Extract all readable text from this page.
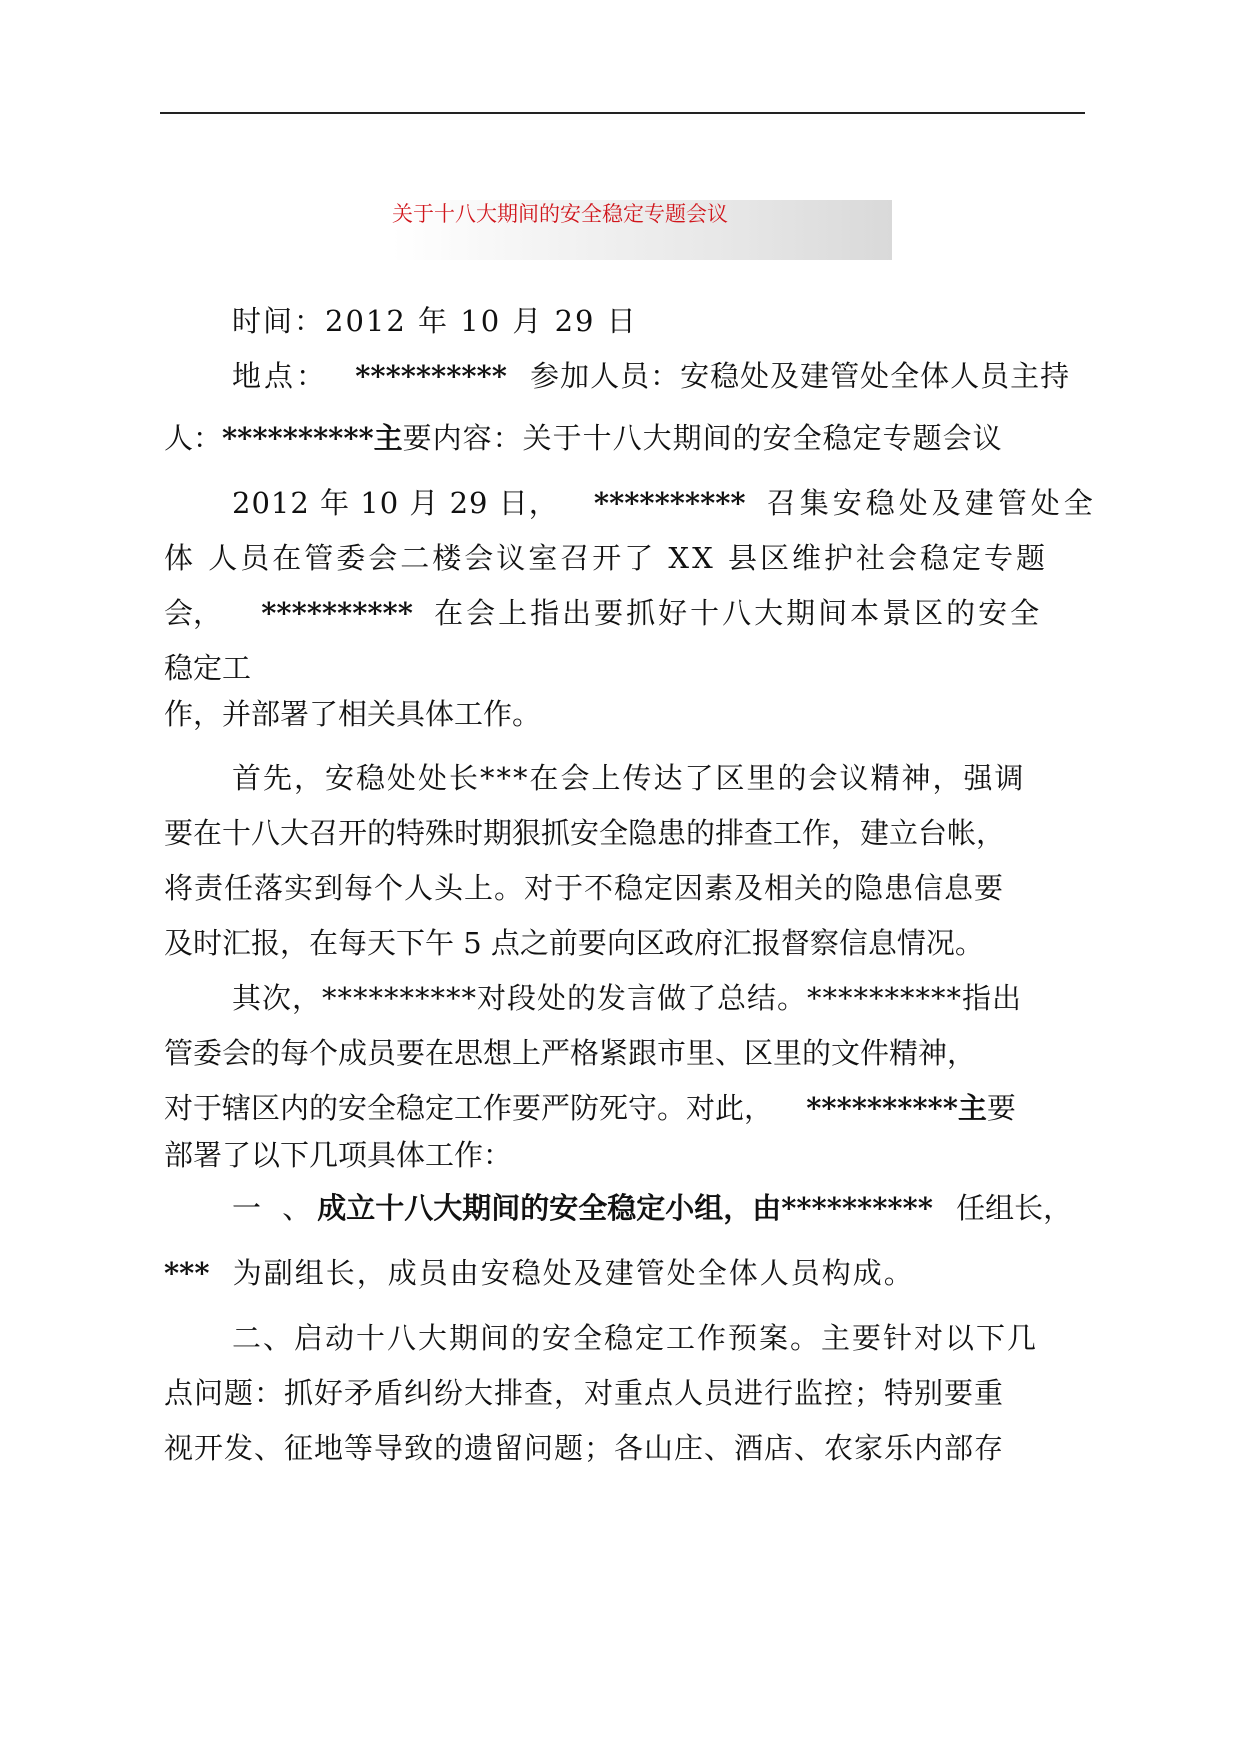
关于十八大期间的安全稳定专题会议
时间：2012 年 10 月 29 日
地点： ********** 参加人员：安稳处及建管处全体人员主持
人：**********主要内容：关于十八大期间的安全稳定专题会议
2012 年 10 月 29 日， ********** 召集安稳处及建管处全
体 人员在管委会二楼会议室召开了 XX 县区维护社会稳定专题
会， ********** 在会上指出要抓好十八大期间本景区的安全
稳定工
作，并部署了相关具体工作。
首先，安稳处处长***在会上传达了区里的会议精神，强调
要在十八大召开的特殊时期狠抓安全隐患的排查工作，建立台帐，
将责任落实到每个人头上。对于不稳定因素及相关的隐患信息要
及时汇报，在每天下午 5 点之前要向区政府汇报督察信息情况。
其次，**********对段处的发言做了总结。**********指出
管委会的每个成员要在思想上严格紧跟市里、区里的文件精神，
对于辖区内的安全稳定工作要严防死守。对此， **********主要
部署了以下几项具体工作：
一 、成立十八大期间的安全稳定小组，由********** 任组长，
*** 为副组长，成员由安稳处及建管处全体人员构成。
二、启动十八大期间的安全稳定工作预案。主要针对以下几
点问题：抓好矛盾纠纷大排查，对重点人员进行监控；特别要重
视开发、征地等导致的遗留问题；各山庄、酒店、农家乐内部存
